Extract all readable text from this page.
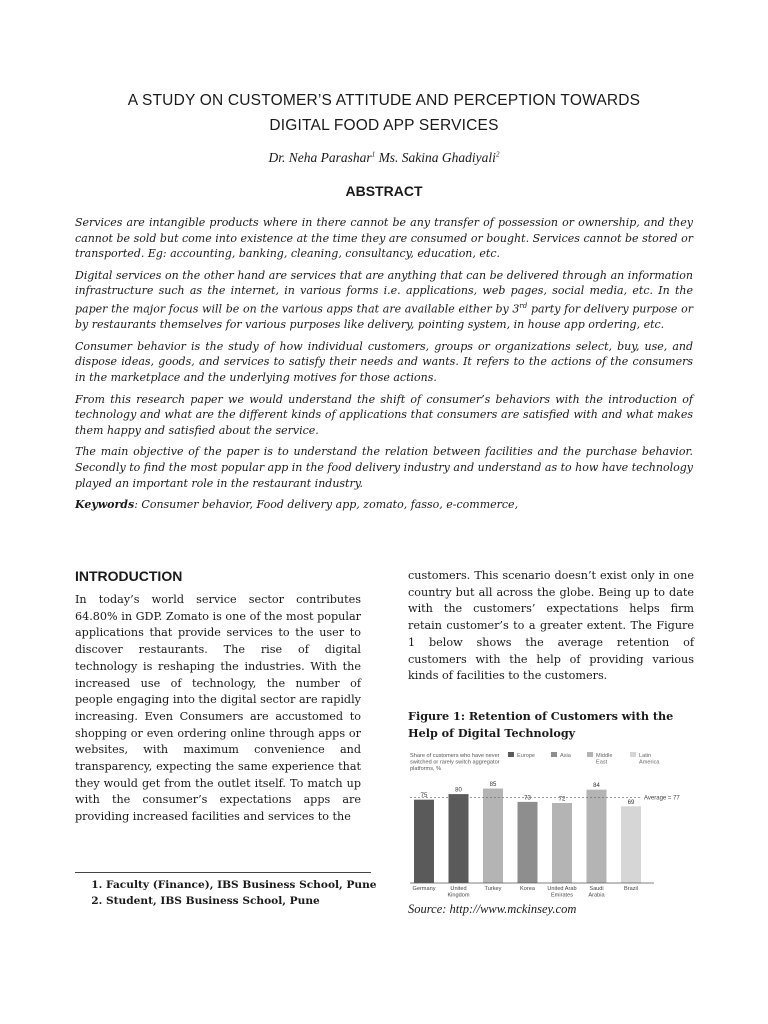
A STUDY ON CUSTOMER’S ATTITUDE AND PERCEPTION TOWARDS
DIGITAL FOOD APP SERVICES
Dr. Neha Parashar$^1$ Ms. Sakina Ghadiyali$^2$
ABSTRACT

Services are intangible products where in there cannot be any transfer of possession or ownership, and they cannot be sold but come into existence at the time they are consumed or bought. Services cannot be stored or transported. Eg: accounting, banking, cleaning, consultancy, education, etc.

Digital services on the other hand are services that are anything that can be delivered through an information infrastructure such as the internet, in various forms i.e. applications, web pages, social media, etc. In the paper the major focus will be on the various apps that are available either by 3rd party for delivery purpose or by restaurants themselves for various purposes like delivery, pointing system, in house app ordering, etc.

Consumer behavior is the study of how individual customers, groups or organizations select, buy, use, and dispose ideas, goods, and services to satisfy their needs and wants. It refers to the actions of the consumers in the marketplace and the underlying motives for those actions.

From this research paper we would understand the shift of consumer’s behaviors with the introduction of technology and what are the different kinds of applications that consumers are satisfied with and what makes them happy and satisfied about the service.

The main objective of the paper is to understand the relation between facilities and the purchase behavior. Secondly to find the most popular app in the food delivery industry and understand as to how have technology played an important role in the restaurant industry.

Keywords: Consumer behavior, Food delivery app, zomato, fasso, e-commerce,

INTRODUCTION

In today’s world service sector contributes 64.80% in GDP. Zomato is one of the most popular applications that provide services to the user to discover restaurants. The rise of digital technology is reshaping the industries. With the increased use of technology, the number of people engaging into the digital sector are rapidly increasing. Even Consumers are accustomed to shopping or even ordering online through apps or websites, with maximum convenience and transparency, expecting the same experience that they would get from the outlet itself. To match up with the consumer’s expectations apps are providing increased facilities and services to the

1. Faculty (Finance), IBS Business School, Pune
2. Student, IBS Business School, Pune

customers. This scenario doesn’t exist only in one country but all across the globe. Being up to date with the customers’ expectations helps firm retain customer’s to a greater extent. The Figure 1 below shows the average retention of customers with the help of providing various kinds of facilities to the customers.

Figure 1: Retention of Customers with the Help of Digital Technology
Share of customers who have never switched or rarely switch aggregator platforms, %
Europe	Asia	Middle
East
Latin
America
75
Germany
80
United
Kingdom
85
Turkey
73
Korea
72
United Arab
Emirates
84
Saudi
Arabia
69
Brazil
Average = 77
Source: http://www.mckinsey.com
